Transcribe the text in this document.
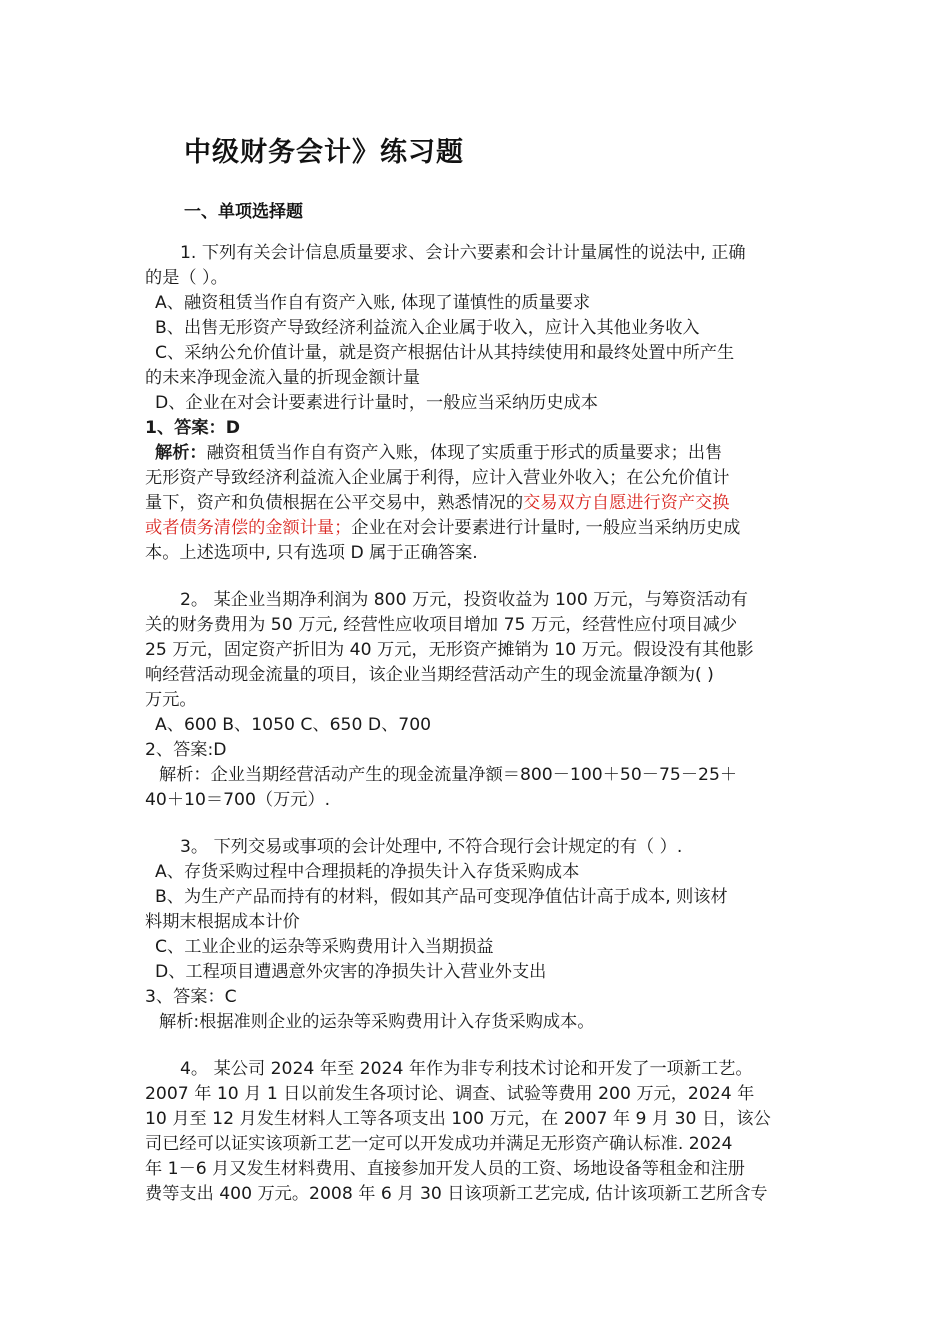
中级财务会计》练习题
一、单项选择题
1. 下列有关会计信息质量要求、会计六要素和会计计量属性的说法中, 正确
的是（ ）。
A、融资租赁当作自有资产入账, 体现了谨慎性的质量要求
B、出售无形资产导致经济利益流入企业属于收入，应计入其他业务收入
C、采纳公允价值计量，就是资产根据估计从其持续使用和最终处置中所产生
的未来净现金流入量的折现金额计量
D、企业在对会计要素进行计量时，一般应当采纳历史成本
1、答案：D
解析：融资租赁当作自有资产入账，体现了实质重于形式的质量要求；出售
无形资产导致经济利益流入企业属于利得，应计入营业外收入；在公允价值计
量下，资产和负债根据在公平交易中，熟悉情况的交易双方自愿进行资产交换
或者债务清偿的金额计量；企业在对会计要素进行计量时, 一般应当采纳历史成
本。上述选项中, 只有选项 D 属于正确答案.
2。 某企业当期净利润为 800 万元，投资收益为 100 万元，与筹资活动有
关的财务费用为 50 万元, 经营性应收项目增加 75 万元，经营性应付项目减少
25 万元，固定资产折旧为 40 万元，无形资产摊销为 10 万元。假设没有其他影
响经营活动现金流量的项目，该企业当期经营活动产生的现金流量净额为( )
万元。
A、600 B、1050 C、650 D、700
2、答案:D
解析：企业当期经营活动产生的现金流量净额＝800－100＋50－75－25＋
40＋10＝700（万元）.
3。 下列交易或事项的会计处理中, 不符合现行会计规定的有（ ）.
A、存货采购过程中合理损耗的净损失计入存货采购成本
B、为生产产品而持有的材料，假如其产品可变现净值估计高于成本, 则该材
料期末根据成本计价
C、工业企业的运杂等采购费用计入当期损益
D、工程项目遭遇意外灾害的净损失计入营业外支出
3、答案：C
解析:根据准则企业的运杂等采购费用计入存货采购成本。
4。 某公司 2024 年至 2024 年作为非专利技术讨论和开发了一项新工艺。
2007 年 10 月 1 日以前发生各项讨论、调查、试验等费用 200 万元，2024 年
10 月至 12 月发生材料人工等各项支出 100 万元，在 2007 年 9 月 30 日，该公
司已经可以证实该项新工艺一定可以开发成功并满足无形资产确认标准. 2024
年 1－6 月又发生材料费用、直接参加开发人员的工资、场地设备等租金和注册
费等支出 400 万元。2008 年 6 月 30 日该项新工艺完成, 估计该项新工艺所含专
